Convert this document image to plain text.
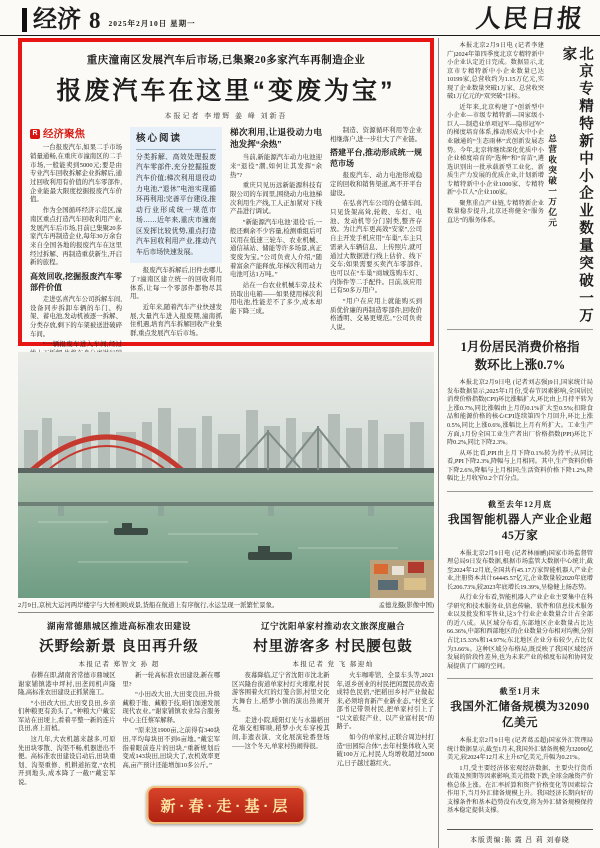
经济 8 2025年2月10日 星期一	人民日报
重庆潼南区发展汽车后市场,已集聚20多家汽车再制造企业
报废汽车在这里“变废为宝”
本报记者 李增辉 姜 峰 刘新吾
R 经济聚焦

一台报废汽车,如果二手市场销量通畅,在重庆市潼南区的二手市场,一般能卖到5000元;要是由专业汽车回收拆解企业拆解后,通过回收利用有价值的汽车零部件,企业能最大限度挖掘报废汽车价值。

作为全国循环经济示范区,潼南区重点打造汽车回收利用产业,发展汽车后市场,目前已集聚20多家汽车再制造企业,每年30万余台来自全国各地的报废汽车在这里经过拆解、再制造重获新生,开启新的旅程。

高效回收,挖掘报废汽车零部件价值

走进弘喜汽车公司拆解车间,设备同步拆卸车辆的车门、构架、蓄电池,发动机被逐一拆解、分类存放,剩下的车架被送进破碎车间。

“一辆报废车进入车间,经过

核心阅读
分类拆解、高效处理报废汽车零部件,充分挖掘报废汽车价值;梯次利用退役动力电池,“退休”电池实现循环再利用;完善平台建设,推动行业形成统一规范市场……近年来,重庆市潼南区发挥比较优势,重点打造汽车回收利用产业,推动汽车后市场快速发展。

报废汽车拆解后,旧件去哪儿了?潼南区建立统一的回收利用体系,让每一个零部件都物尽其用。

近年来,随着汽车产业快速发展,大量汽车进入报废期,潼南抓住机遇,培育汽车拆解回收产业集群,重点发展汽车后市场。

梯次利用,让退役动力电池发挥“余热”

当前,新能源汽车动力电池迎来“退役”潮,如何让其发挥“余热”?

重庆只见历远新能源科技有限公司的车间里,围绕动力电池梯次利用生产线,工人正加紧对下线产品进行调试。

“新能源汽车电池‘退役’后,一般还剩余不少容量,检测重组后可以用在低速三轮车、农业机械、通信基站、储能等许多场景,真正变废为宝。”公司负责人介绍,“随着富余产能释放,年梯次利用动力电池可达1万吨。”

站在一台农业机械车旁,技术员取出电箱——如果使用梯次利用电池,性能差不了多少,成本却能下降三成。

制造、资源循环利用等企业相继落户,进一步壮大了产业链。

搭建平台,推动形成统一规范市场

报废汽车、动力电池形成稳定的回收和销售渠道,离不开平台建设。

在弘喜汽车公司的仓储车间,只见货架高耸,轮毂、车灯、电池、发动机等分门别类,整齐存放。为让汽车更高效“安家”,公司自主开发手机应用“车巢”,车主只需录入车辆信息、上传照片,就可通过大数据进行线上估价、线下交车;如果需要买卖汽车零部件,也可以在“车巢”商城选购车灯、内饰件等二手配件。目前,该应用已有50多万用户。

“用户在应用上就能购买到质优价廉的再制造零部件,回收价格透明、交易更规范。”公司负责人说。

2月9日,京杭大运河两岸楼宇与大桥相映成景,货船在航道上有序航行,水运呈现一派繁忙景象。	孟德龙摄(影像中国)
湖南常德鼎城区推进高标准农田建设
沃野绘新景 良田再升级
本报记者 郑智文 孙 超

春耕在即,湖南省常德市鼎城区谢家铺镇港中坪村,田垄间机声隆隆,高标准农田建设正抓紧施工。

“小田改大田,大田变良田,乡亲们种粮更有劲头了。”种粮大户戴宏军站在田埂上,看着平整一新的连片良田,喜上眉梢。

这几年,大农机越来越多,可原先田块零散、沟渠不畅,机器进出不便。高标准农田建设启动后,田块重划、沟渠重修、机耕道拓宽,“农机开到地头,成本降了一截!”戴宏军说。

新一轮高标准农田建设,新在哪里?

“小田改大田,大田变良田,升级藏粮于地、藏粮于技,咱们加速发展现代农业。”谢家铺镇农业综合服务中心主任蔡军解释。

“原来这1900亩,之前得有340块田,平均每块田不到6亩地。”戴宏军指着眼前连片的田块,“重新规划后变成143块田,田块大了,农机效率更高,亩产预计还能增加10多公斤。”

辽宁沈阳单家村推动农文旅深度融合
村里游客多 村民腰包鼓
本报记者 党 飞 郝迎灿

夜幕降临,辽宁省沈阳市沈北新区兴隆台街道单家村灯火璀璨,村民游客围着火红的灯笼合影,村里文化大舞台上,稻梦小镇的演出热闹开场。

走进小院,暖阳灯光与水墨稻田花墙交相辉映,稻梦小火车穿梭其间,非遗表演、文化展演轮番登场——这个冬天,单家村热闹得很。

火车咖啡馆、全景车头等,2021年,返乡创业的村民把闲置民房改造成特色民宿,“把稻田乡村产业做起来,必须培育新产业新业态。”村党支部书记带领村民,把单家村引上了“以文旅促产业、以产业富村民”的路子。

如今的单家村,正联合周边村打造“田园综合体”,去年村集体收入突破100万元,村民人均增收超过5000元,日子越过越红火。

新·春·走·基·层

本报北京2月9日电 (记者李建广)2024年第四季度北京专精特新中小企业认定近日完成。数据显示,北京市专精特新中小企业数量已达10199家,总营收约为1.15万亿元,实现了企业数量突破1万家、总营收突破1万亿元的“双突破”目标。

近年来,北京构建了“创新型中小企业—市级专精特新—国家级小巨人—制造业单项冠军—隐形冠军”的梯度培育体系,推动形成大中小企业融通的“生态雨林”式创新发展态势。今年,北京将继续深化优质中小企业梯度培育的“选种”和“育苗”,遴选识别出一批承载新型工业化、新质生产力发展的优质企业,计划新增专精特新中小企业1000家、专精特新“小巨人”企业100家。

聚焦重点产业链,专精特新企业数量稳步提升,北京还将健全“服务直达”的服务体系。	总营收突破一万亿元	北京专精特新中小企业数量突破一万家
1月份居民消费价格指数环比上涨0.7%

本报北京2月9日电 (记者刘志强)9日,国家统计局发布数据显示,2025年1月份,受春节因素影响,全国居民消费价格指数(CPI)环比涨幅扩大,环比由上月持平转为上涨0.7%,同比涨幅由上月的0.1%扩大至0.5%;扣除食品和能源价格的核心CPI连续第四个月回升,环比上涨0.5%,同比上涨0.6%,涨幅比上月有所扩大。工业生产方面,1月份全国工业生产者出厂价格指数(PPI)环比下降0.2%,同比下降2.3%。

从环比看,PPI由上月下降0.1%转为持平;从同比看,PPI下降2.3%,降幅与上月相同。其中,生产资料价格下降2.6%,降幅与上月相同;生活资料价格下降1.2%,降幅比上月收窄0.2个百分点。

截至去年12月底
我国智能机器人产业企业超45万家

本报北京2月9日电 (记者林丽鹂)国家市场监督管理总局9日发布数据,根据市场监管大数据中心统计,截至2024年12月底,全国共有45.17万家智能机器人产业企业,注册资本共计64445.57亿元,企业数量较2020年底增长206.73%,较2023年底增长19.39%,呈稳健上扬态势。

从行业分布看,智能机器人产业企业主要集中在科学研究和技术服务业,信息传输、软件和信息技术服务业以及批发和零售业,这3个行业企业数量合计占全部的近八成。从区域分布看,东部地区企业数量占比达66.36%,中部和西部地区的企业数量分布相对均衡,分别占比15.33%和14.97%;东北地区企业分布较少,占比仅为3.66%。这种区域分布格局,既反映了我国区域经济发展的阶段性差异,也为未来产业的梯度布局和协同发展提供了广阔的空间。

截至1月末
我国外汇储备规模为32090亿美元

本报北京2月9日电 (记者葛孟超)国家外汇管理局统计数据显示,截至1月末,我国外汇储备规模为32090亿美元,较2024年12月末上升67亿美元,升幅为0.21%。

1月,受主要经济体宏观经济数据、主要央行货币政策及预期等因素影响,美元指数下跌,全球金融资产价格总体上涨。在汇率折算和资产价格变化等因素综合作用下,当月外汇储备规模上升。我国经济长期向好的支撑条件和基本趋势没有改变,将为外汇储备规模保持基本稳定提供支撑。

本版责编:陈 霞 吕 莉 刘春晓
